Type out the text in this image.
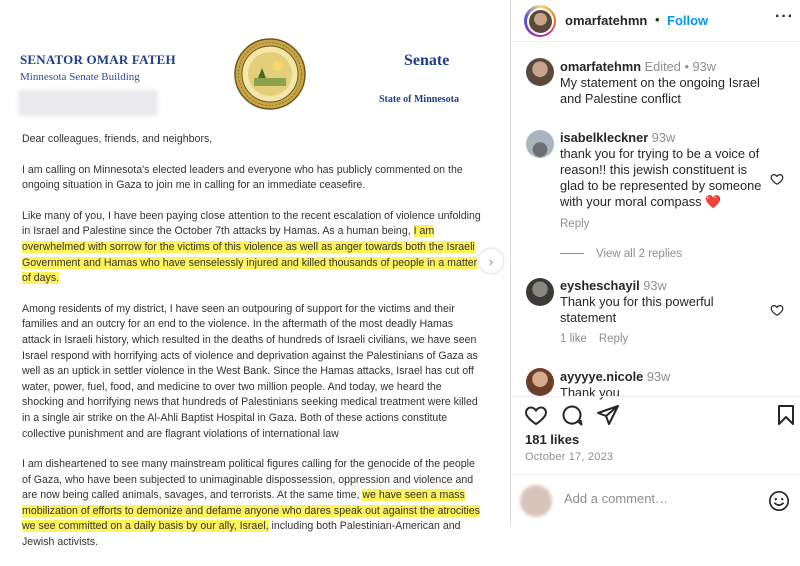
SENATOR OMAR FATEH
Minnesota Senate Building
Senate
State of Minnesota

Dear colleagues, friends, and neighbors,

I am calling on Minnesota's elected leaders and everyone who has publicly commented on the ongoing situation in Gaza to join me in calling for an immediate ceasefire.

Like many of you, I have been paying close attention to the recent escalation of violence unfolding in Israel and Palestine since the October 7th attacks by Hamas. As a human being, I am overwhelmed with sorrow for the victims of this violence as well as anger towards both the Israeli Government and Hamas who have senselessly injured and killed thousands of people in a matter of days.

Among residents of my district, I have seen an outpouring of support for the victims and their families and an outcry for an end to the violence. In the aftermath of the most deadly Hamas attack in Israeli history, which resulted in the deaths of hundreds of Israeli civilians, we have seen Israel respond with horrifying acts of violence and deprivation against the Palestinians of Gaza as well as an uptick in settler violence in the West Bank. Since the Hamas attacks, Israel has cut off water, power, fuel, food, and medicine to over two million people. And today, we heard the shocking and horrifying news that hundreds of Palestinians seeking medical treatment were killed in a single air strike on the Al-Ahli Baptist Hospital in Gaza. Both of these actions constitute collective punishment and are flagrant violations of international law

I am disheartened to see many mainstream political figures calling for the genocide of the people of Gaza, who have been subjected to unimaginable dispossession, oppression and violence and are now being called animals, savages, and terrorists. At the same time, we have seen a mass mobilization of efforts to demonize and defame anyone who dares speak out against the atrocities we see committed on a daily basis by our ally, Israel, including both Palestinian-American and Jewish activists.

›
omarfatehmn • Follow	···
omarfatehmn Edited • 93w
My statement on the ongoing Israel and Palestine conflict
isabelkleckner 93w
thank you for trying to be a voice of reason!! this jewish constituent is glad to be represented by someone with your moral compass ❤️
Reply
View all 2 replies
eysheschayil 93w
Thank you for this powerful statement
1 like Reply
ayyyye.nicole 93w
Thank you
181 likes
October 17, 2023
Add a comment…
